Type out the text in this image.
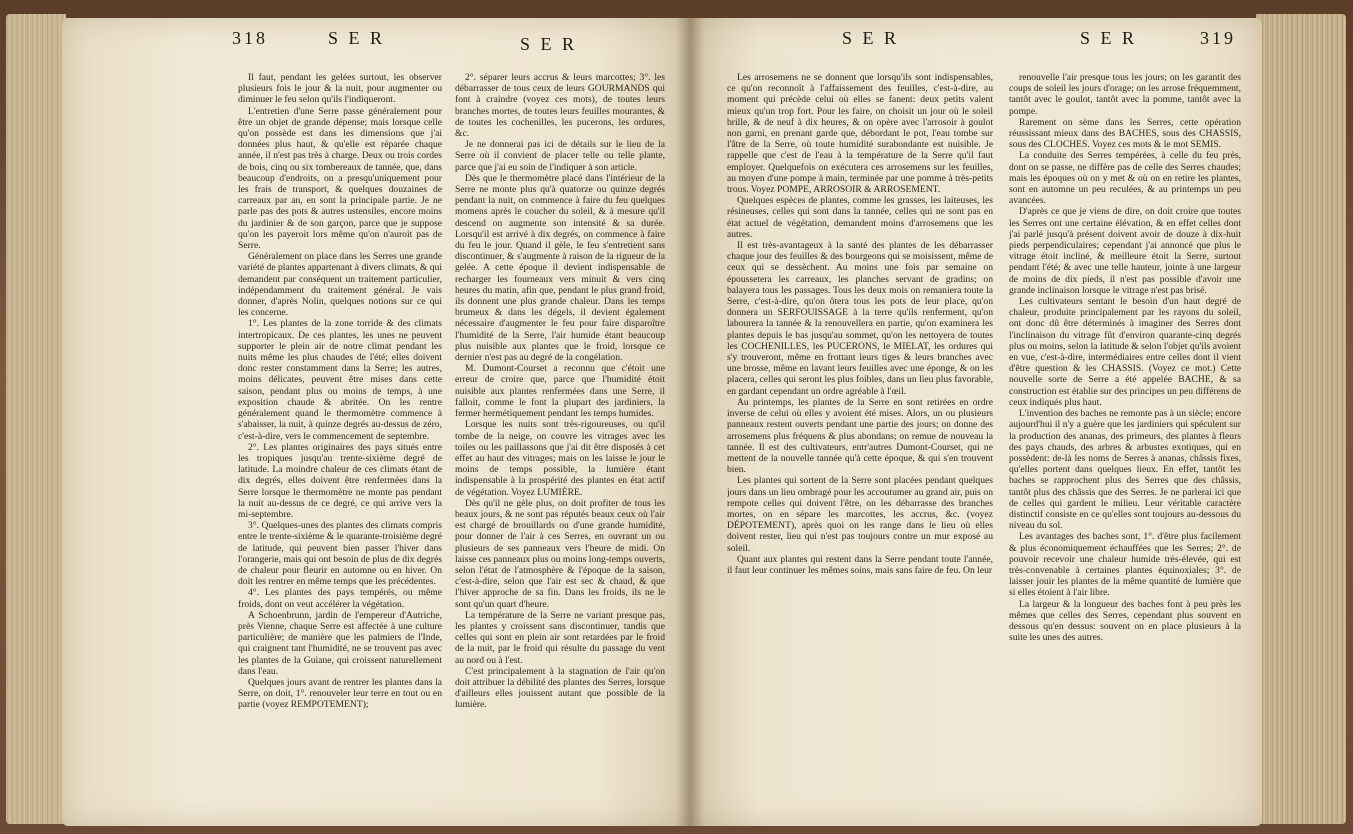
318	S E R	S E R	S E R	S E R	319

Il faut, pendant les gelées surtout, les observer plusieurs fois le jour & la nuit, pour augmenter ou diminuer le feu selon qu'ils l'indiqueront.

L'entretien d'une Serre passe généralement pour être un objet de grande dépense; mais lorsque celle qu'on possède est dans les dimensions que j'ai données plus haut, & qu'elle est réparée chaque année, il n'est pas très à charge. Deux ou trois cordes de bois, cinq ou six tombereaux de tannée, que, dans beaucoup d'endroits, on a presqu'uniquement pour les frais de transport, & quelques douzaines de carreaux par an, en sont la principale partie. Je ne parle pas des pots & autres ustensiles, encore moins du jardinier & de son garçon, parce que je suppose qu'on les payeroit lors même qu'on n'auroit pas de Serre.

Généralement on place dans les Serres une grande variété de plantes appartenant à divers climats, & qui demandent par conséquent un traitement particulier, indépendamment du traitement général. Je vais donner, d'après Nolin, quelques notions sur ce qui les concerne.

1°. Les plantes de la zone torride & des climats intertropicaux. De ces plantes, les unes ne peuvent supporter le plein air de notre climat pendant les nuits même les plus chaudes de l'été; elles doivent donc rester constamment dans la Serre; les autres, moins délicates, peuvent être mises dans cette saison, pendant plus ou moins de temps, à une exposition chaude & abritée. On les rentre généralement quand le thermomètre commence à s'abaisser, la nuit, à quinze degrés au-dessus de zéro, c'est-à-dire, vers le commencement de septembre.

2°. Les plantes originaires des pays situés entre les tropiques jusqu'au trente-sixième degré de latitude. La moindre chaleur de ces climats étant de dix degrés, elles doivent être renfermées dans la Serre lorsque le thermomètre ne monte pas pendant la nuit au-dessus de ce degré, ce qui arrive vers la mi-septembre.

3°. Quelques-unes des plantes des climats compris entre le trente-sixième & le quarante-troisième degré de latitude, qui peuvent bien passer l'hiver dans l'orangerie, mais qui ont besoin de plus de dix degrés de chaleur pour fleurir en automne ou en hiver. On doit les rentrer en même temps que les précédentes.

4°. Les plantes des pays tempérés, ou même froids, dont on veut accélérer la végétation.

A Schoenbrunn, jardin de l'empereur d'Autriche, près Vienne, chaque Serre est affectée à une culture particulière; de manière que les palmiers de l'Inde, qui craignent tant l'humidité, ne se trouvent pas avec les plantes de la Guiane, qui croissent naturellement dans l'eau.

Quelques jours avant de rentrer les plantes dans la Serre, on doit, 1°. renouveler leur terre en tout ou en partie (voyez REMPOTEMENT);

2°. séparer leurs accrus & leurs marcottes; 3°. les débarrasser de tous ceux de leurs GOURMANDS qui font à craindre (voyez ces mots), de toutes leurs branches mortes, de toutes leurs feuilles mourantes, & de toutes les cochenilles, les pucerons, les ordures, &c.

Je ne donnerai pas ici de détails sur le lieu de la Serre où il convient de placer telle ou telle plante, parce que j'ai eu soin de l'indiquer à son article.

Dès que le thermomètre placé dans l'intérieur de la Serre ne monte plus qu'à quatorze ou quinze degrés pendant la nuit, on commence à faire du feu quelques momens après le coucher du soleil, & à mesure qu'il descend on augmente son intensité & sa durée. Lorsqu'il est arrivé à dix degrés, on commence à faire du feu le jour. Quand il gèle, le feu s'entretient sans discontinuer, & s'augmente à raison de la rigueur de la gelée. A cette époque il devient indispensable de recharger les fourneaux vers minuit & vers cinq heures du matin, afin que, pendant le plus grand froid, ils donnent une plus grande chaleur. Dans les temps brumeux & dans les dégels, il devient également nécessaire d'augmenter le feu pour faire disparoître l'humidité de la Serre, l'air humide étant beaucoup plus nuisible aux plantes que le froid, lorsque ce dernier n'est pas au degré de la congélation.

M. Dumont-Courset a reconnu que c'étoit une erreur de croire que, parce que l'humidité étoit nuisible aux plantes renfermées dans une Serre, il falloit, comme le font la plupart des jardiniers, la fermer hermétiquement pendant les temps humides.

Lorsque les nuits sont très-rigoureuses, ou qu'il tombe de la neige, on couvre les vitrages avec les toiles ou les paillassons que j'ai dit être disposés à cet effet au haut des vitrages; mais on les laisse le jour le moins de temps possible, la lumière étant indispensable à la prospérité des plantes en état actif de végétation. Voyez LUMIÈRE.

Dès qu'il ne gèle plus, on doit profiter de tous les beaux jours, & ne sont pas réputés beaux ceux où l'air est chargé de brouillards ou d'une grande humidité, pour donner de l'air à ces Serres, en ouvrant un ou plusieurs de ses panneaux vers l'heure de midi. On laisse ces panneaux plus ou moins long-temps ouverts, selon l'état de l'atmosphère & l'époque de la saison, c'est-à-dire, selon que l'air est sec & chaud, & que l'hiver approche de sa fin. Dans les froids, ils ne le sont qu'un quart d'heure.

La température de la Serre ne variant presque pas, les plantes y croissent sans discontinuer, tandis que celles qui sont en plein air sont retardées par le froid de la nuit, par le froid qui résulte du passage du vent au nord ou à l'est.

C'est principalement à la stagnation de l'air qu'on doit attribuer la débilité des plantes des Serres, lorsque d'ailleurs elles jouissent autant que possible de la lumière.

Les arrosemens ne se donnent que lorsqu'ils sont indispensables, ce qu'on reconnoît à l'affaissement des feuilles, c'est-à-dire, au moment qui précède celui où elles se fanent: deux petits valent mieux qu'un trop fort. Pour les faire, on choisit un jour où le soleil brille, & de neuf à dix heures, & on opère avec l'arrosoir à goulot non garni, en prenant garde que, débordant le pot, l'eau tombe sur l'âtre de la Serre, où toute humidité surabondante est nuisible. Je rappelle que c'est de l'eau à la température de la Serre qu'il faut employer. Quelquefois on exécutera ces arrosemens sur les feuilles, au moyen d'une pompe à main, terminée par une pomme à très-petits trous. Voyez POMPE, ARROSOIR & ARROSEMENT.

Quelques espèces de plantes, comme les grasses, les laiteuses, les résineuses, celles qui sont dans la tannée, celles qui ne sont pas en état actuel de végétation, demandent moins d'arrosemens que les autres.

Il est très-avantageux à la santé des plantes de les débarrasser chaque jour des feuilles & des bourgeons qui se moisissent, même de ceux qui se dessèchent. Au moins une fois par semaine on époussetera les carreaux, les planches servant de gradins; on balayera tous les passages. Tous les deux mois on remaniera toute la Serre, c'est-à-dire, qu'on ôtera tous les pots de leur place, qu'on donnera un SERFOUISSAGE à la terre qu'ils renferment, qu'on labourera la tannée & la renouvellera en partie, qu'on examinera les plantes depuis le bas jusqu'au sommet, qu'on les nettoyera de toutes les COCHENILLES, les PUCERONS, le MIELAT, les ordures qui s'y trouveront, même en frottant leurs tiges & leurs branches avec une brosse, même en lavant leurs feuilles avec une éponge, & on les placera, celles qui seront les plus foibles, dans un lieu plus favorable, en gardant cependant un ordre agréable à l'œil.

Au printemps, les plantes de la Serre en sont retirées en ordre inverse de celui où elles y avoient été mises. Alors, un ou plusieurs panneaux restent ouverts pendant une partie des jours; on donne des arrosemens plus fréquens & plus abondans; on remue de nouveau la tannée. Il est des cultivateurs, entr'autres Dumont-Courset, qui ne mettent de la nouvelle tannée qu'à cette époque, & qui s'en trouvent bien.

Les plantes qui sortent de la Serre sont placées pendant quelques jours dans un lieu ombragé pour les accoutumer au grand air, puis on rempote celles qui doivent l'être, on les débarrasse des branches mortes, on en sépare les marcottes, les accrus, &c. (voyez DÉPOTEMENT), après quoi on les range dans le lieu où elles doivent rester, lieu qui n'est pas toujours contre un mur exposé au soleil.

Quant aux plantes qui restent dans la Serre pendant toute l'année, il faut leur continuer les mêmes soins, mais sans faire de feu. On leur

renouvelle l'air presque tous les jours; on les garantit des coups de soleil les jours d'orage; on les arrose fréquemment, tantôt avec le goulot, tantôt avec la pomme, tantôt avec la pompe.

Rarement on sème dans les Serres, cette opération réussissant mieux dans des BACHES, sous des CHASSIS, sous des CLOCHES. Voyez ces mots & le mot SEMIS.

La conduite des Serres tempérées, à celle du feu près, dont on se passe, ne diffère pas de celle des Serres chaudes; mais les époques où on y met & où on en retire les plantes, sont en automne un peu reculées, & au printemps un peu avancées.

D'après ce que je viens de dire, on doit croire que toutes les Serres ont une certaine élévation, & en effet celles dont j'ai parlé jusqu'à présent doivent avoir de douze à dix-huit pieds perpendiculaires; cependant j'ai annoncé que plus le vitrage étoit incliné, & meilleure étoit la Serre, surtout pendant l'été; & avec une telle hauteur, jointe à une largeur de moins de dix pieds, il n'est pas possible d'avoir une grande inclinaison lorsque le vitrage n'est pas brisé.

Les cultivateurs sentant le besoin d'un haut degré de chaleur, produite principalement par les rayons du soleil, ont donc dû être déterminés à imaginer des Serres dont l'inclinaison du vitrage fût d'environ quarante-cinq degrés plus ou moins, selon la latitude & selon l'objet qu'ils avoient en vue, c'est-à-dire, intermédiaires entre celles dont il vient d'être question & les CHASSIS. (Voyez ce mot.) Cette nouvelle sorte de Serre a été appelée BACHE, & sa construction est établie sur des principes un peu différens de ceux indiqués plus haut.

L'invention des baches ne remonte pas à un siècle; encore aujourd'hui il n'y a guère que les jardiniers qui spéculent sur la production des ananas, des primeurs, des plantes à fleurs des pays chauds, des arbres & arbustes exotiques, qui en possèdent: de-là les noms de Serres à ananas, châssis fixes, qu'elles portent dans quelques lieux. En effet, tantôt les baches se rapprochent plus des Serres que des châssis, tantôt plus des châssis que des Serres. Je ne parlerai ici que de celles qui gardent le milieu. Leur véritable caractère distinctif consiste en ce qu'elles sont toujours au-dessous du niveau du sol.

Les avantages des baches sont, 1°. d'être plus facilement & plus économiquement échauffées que les Serres; 2°. de pouvoir recevoir une chaleur humide très-élevée, qui est très-convenable à certaines plantes équinoxiales; 3°. de laisser jouir les plantes de la même quantité de lumière que si elles étoient à l'air libre.

La largeur & la longueur des baches font à peu près les mêmes que celles des Serres, cependant plus souvent en dessous qu'en dessus: souvent on en place plusieurs à la suite les unes des autres.
